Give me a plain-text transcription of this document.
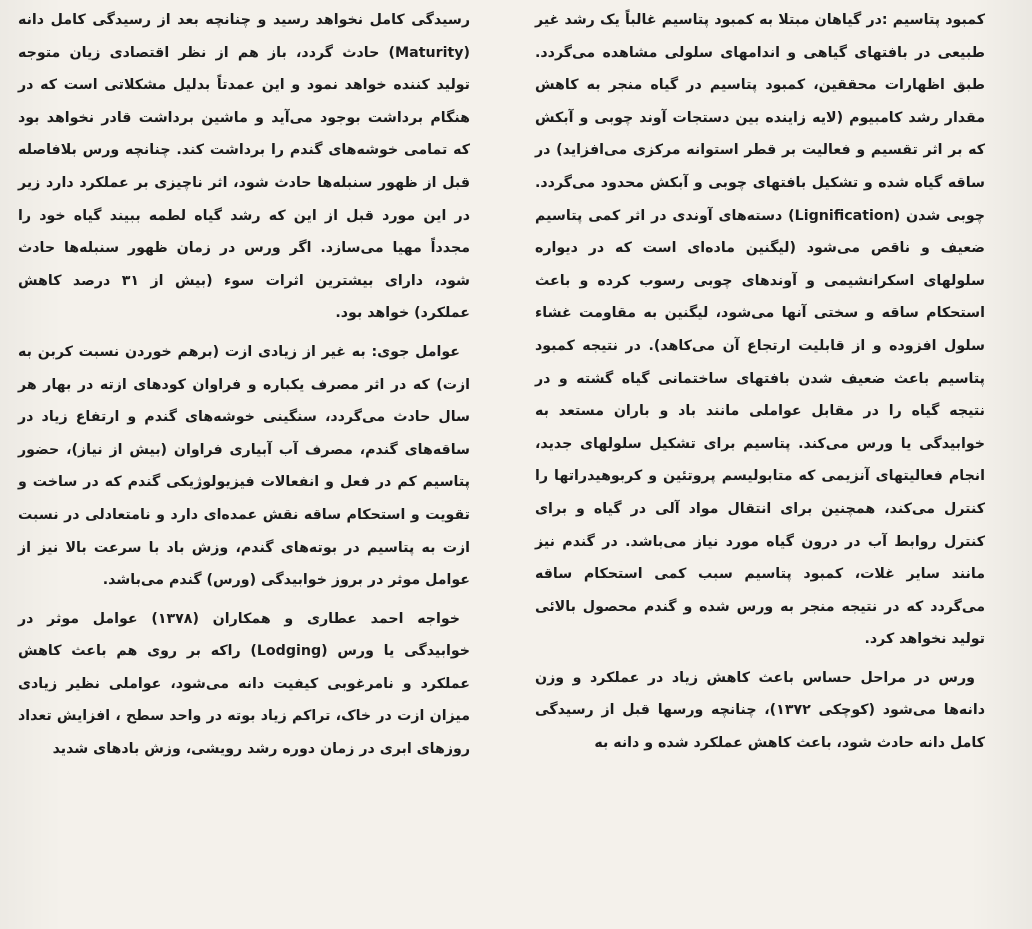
کمبود پتاسیم :در گیاهان مبتلا به کمبود پتاسیم غالباً یک رشد غیر طبیعی در بافتهای گیاهی و اندامهای سلولی مشاهده می‌گردد. طبق اظهارات محققین، کمبود پتاسیم در گیاه منجر به کاهش مقدار رشد کامبیوم (لایه زاینده بین دستجات آوند چوبی و آبکش که بر اثر تقسیم و فعالیت بر قطر استوانه مرکزی می‌افزاید) در ساقه گیاه شده و تشکیل بافتهای چوبی و آبکش محدود می‌گردد. چوبی شدن (Lignification) دسته‌های آوندی در اثر کمی پتاسیم ضعیف و ناقص می‌شود (لیگنین ماده‌ای است که در دیواره سلولهای اسکرانشیمی و آوندهای چوبی رسوب کرده و باعث استحکام ساقه و سختی آنها می‌شود، لیگنین به مقاومت غشاء سلول افزوده و از قابلیت ارتجاع آن می‌کاهد). در نتیجه کمبود پتاسیم باعث ضعیف شدن بافتهای ساختمانی گیاه گشته و در نتیجه گیاه را در مقابل عواملی مانند باد و باران مستعد به خوابیدگی یا ورس می‌کند. پتاسیم برای تشکیل سلولهای جدید، انجام فعالیتهای آنزیمی که متابولیسم پروتئین و کربوهیدراتها را کنترل می‌کند، همچنین برای انتقال مواد آلی در گیاه و برای کنترل روابط آب در درون گیاه مورد نیاز می‌باشد. در گندم نیز مانند سایر غلات، کمبود پتاسیم سبب کمی استحکام ساقه می‌گردد که در نتیجه منجر به ورس شده و گندم محصول بالائی تولید نخواهد کرد.

ورس در مراحل حساس باعث کاهش زیاد در عملکرد و وزن دانه‌ها می‌شود (کوچکی ۱۳۷۲)، چنانچه ورسها قبل از رسیدگی کامل دانه حادث شود، باعث کاهش عملکرد شده و دانه به

رسیدگی کامل نخواهد رسید و چنانچه بعد از رسیدگی کامل دانه (Maturity) حادث گردد، باز هم از نظر اقتصادی زیان متوجه تولید کننده خواهد نمود و این عمدتاً بدلیل مشکلاتی است که در هنگام برداشت بوجود می‌آید و ماشین برداشت قادر نخواهد بود که تمامی خوشه‌های گندم را برداشت کند. چنانچه ورس بلافاصله قبل از ظهور سنبله‌ها حادث شود، اثر ناچیزی بر عملکرد دارد زیر در این مورد قبل از این که رشد گیاه لطمه ببیند گیاه خود را مجدداً مهیا می‌سازد. اگر ورس در زمان ظهور سنبله‌ها حادث شود، دارای بیشترین اثرات سوء (بیش از ۳۱ درصد کاهش عملکرد) خواهد بود.

عوامل جوی: به غیر از زیادی ازت (برهم خوردن نسبت کربن به ازت) که در اثر مصرف یکباره و فراوان کودهای ازته در بهار هر سال حادث می‌گردد، سنگینی خوشه‌های گندم و ارتفاع زیاد در ساقه‌های گندم، مصرف آب آبیاری فراوان (بیش از نیاز)، حضور پتاسیم کم در فعل و انفعالات فیزیولوژیکی گندم که در ساخت و تقویت و استحکام ساقه نقش عمده‌ای دارد و نامتعادلی در نسبت ازت به پتاسیم در بوته‌های گندم، وزش باد با سرعت بالا نیز از عوامل موثر در بروز خوابیدگی (ورس) گندم می‌باشد.

خواجه احمد عطاری و همکاران (۱۳۷۸) عوامل موثر در خوابیدگی یا ورس (Lodging) راکه بر روی هم باعث کاهش عملکرد و نامرغوبی کیفیت دانه می‌شود، عواملی نظیر زیادی میزان ازت در خاک، تراکم زیاد بوته در واحد سطح ، افزایش تعداد روزهای ابری در زمان دوره رشد رویشی، وزش بادهای شدید
